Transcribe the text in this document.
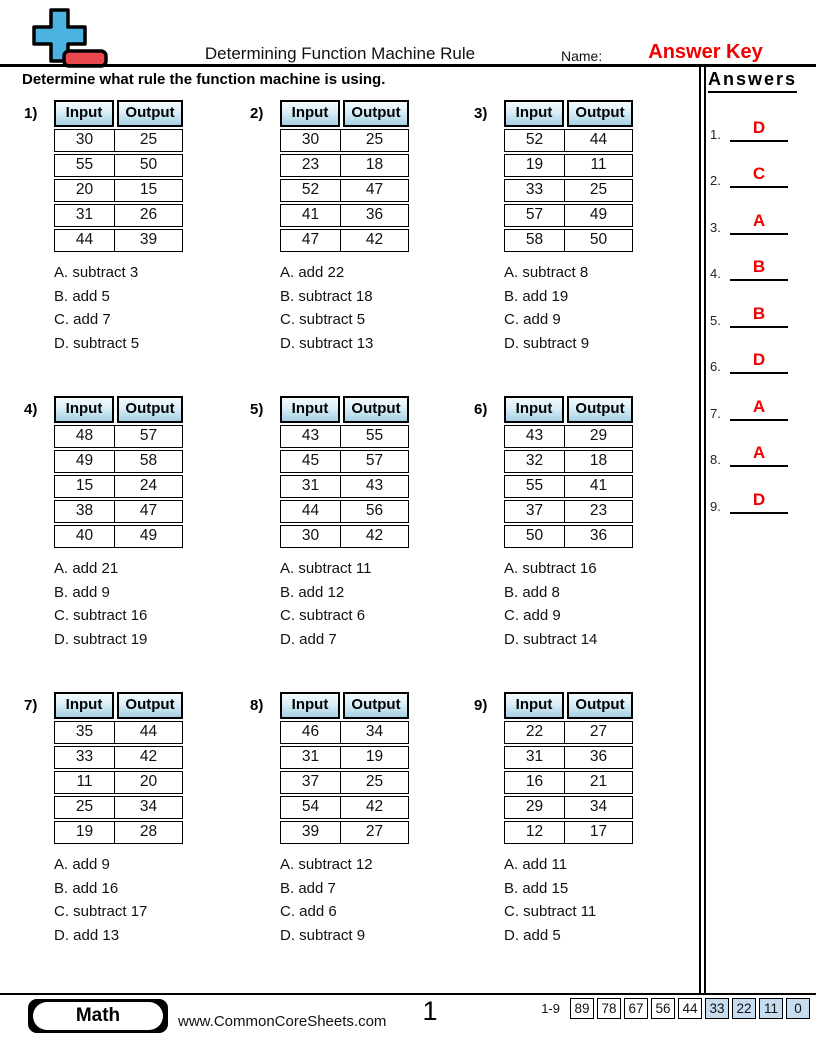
Determining Function Machine Rule	Name:	Answer Key
Determine what rule the function machine is using.	Answers
1.	D
2.	C
3.	A
4.	B
5.	B
6.	D
7.	A
8.	A
9.	D
1)	Input	Output
30	25
55	50
20	15
31	26
44	39
A. subtract 3
B. add 5
C. add 7
D. subtract 5
2)	Input	Output
30	25
23	18
52	47
41	36
47	42
A. add 22
B. subtract 18
C. subtract 5
D. subtract 13
3)	Input	Output
52	44
19	11
33	25
57	49
58	50
A. subtract 8
B. add 19
C. add 9
D. subtract 9
4)	Input	Output
48	57
49	58
15	24
38	47
40	49
A. add 21
B. add 9
C. subtract 16
D. subtract 19
5)	Input	Output
43	55
45	57
31	43
44	56
30	42
A. subtract 11
B. add 12
C. subtract 6
D. add 7
6)	Input	Output
43	29
32	18
55	41
37	23
50	36
A. subtract 16
B. add 8
C. add 9
D. subtract 14
7)	Input	Output
35	44
33	42
11	20
25	34
19	28
A. add 9
B. add 16
C. subtract 17
D. add 13
8)	Input	Output
46	34
31	19
37	25
54	42
39	27
A. subtract 12
B. add 7
C. add 6
D. subtract 9
9)	Input	Output
22	27
31	36
16	21
29	34
12	17
A. add 11
B. add 15
C. subtract 11
D. add 5
Math	www.CommonCoreSheets.com	1	1-9	89 78 67 56 44 33 22 11	0
